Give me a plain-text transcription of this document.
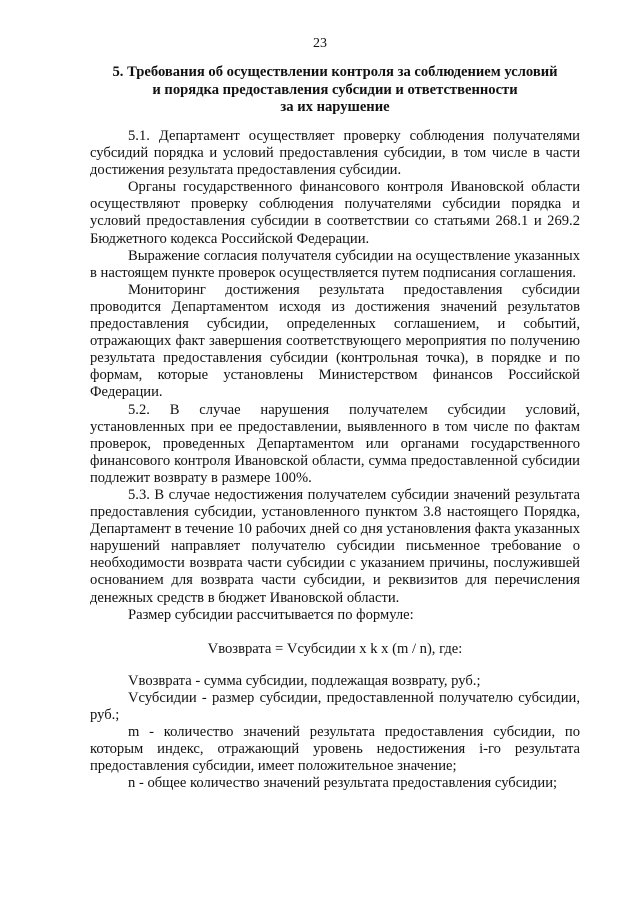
23
5. Требования об осуществлении контроля за соблюдением условий
и порядка предоставления субсидии и ответственности
за их нарушение

5.1. Департамент осуществляет проверку соблюдения получателями субсидий порядка и условий предоставления субсидии, в том числе в части достижения результата предоставления субсидии.

Органы государственного финансового контроля Ивановской области осуществляют проверку соблюдения получателями субсидии порядка и условий предоставления субсидии в соответствии со статьями 268.1 и 269.2 Бюджетного кодекса Российской Федерации.

Выражение согласия получателя субсидии на осуществление указанных в настоящем пункте проверок осуществляется путем подписания соглашения.

Мониторинг достижения результата предоставления субсидии проводится Департаментом исходя из достижения значений результатов предоставления субсидии, определенных соглашением, и событий, отражающих факт завершения соответствующего мероприятия по получению результата предоставления субсидии (контрольная точка), в порядке и по формам, которые установлены Министерством финансов Российской Федерации.

5.2. В случае нарушения получателем субсидии условий, установленных при ее предоставлении, выявленного в том числе по фактам проверок, проведенных Департаментом или органами государственного финансового контроля Ивановской области, сумма предоставленной субсидии подлежит возврату в размере 100%.

5.3. В случае недостижения получателем субсидии значений результата предоставления субсидии, установленного пунктом 3.8 настоящего Порядка, Департамент в течение 10 рабочих дней со дня установления факта указанных нарушений направляет получателю субсидии письменное требование о необходимости возврата части субсидии с указанием причины, послужившей основанием для возврата части субсидии, и реквизитов для перечисления денежных средств в бюджет Ивановской области.

Размер субсидии рассчитывается по формуле:

Vвозврата = Vсубсидии x k x (m / n), где:

Vвозврата - сумма субсидии, подлежащая возврату, руб.;

Vсубсидии - размер субсидии, предоставленной получателю субсидии, руб.;

m - количество значений результата предоставления субсидии, по которым индекс, отражающий уровень недостижения i-го результата предоставления субсидии, имеет положительное значение;

n - общее количество значений результата предоставления субсидии;
